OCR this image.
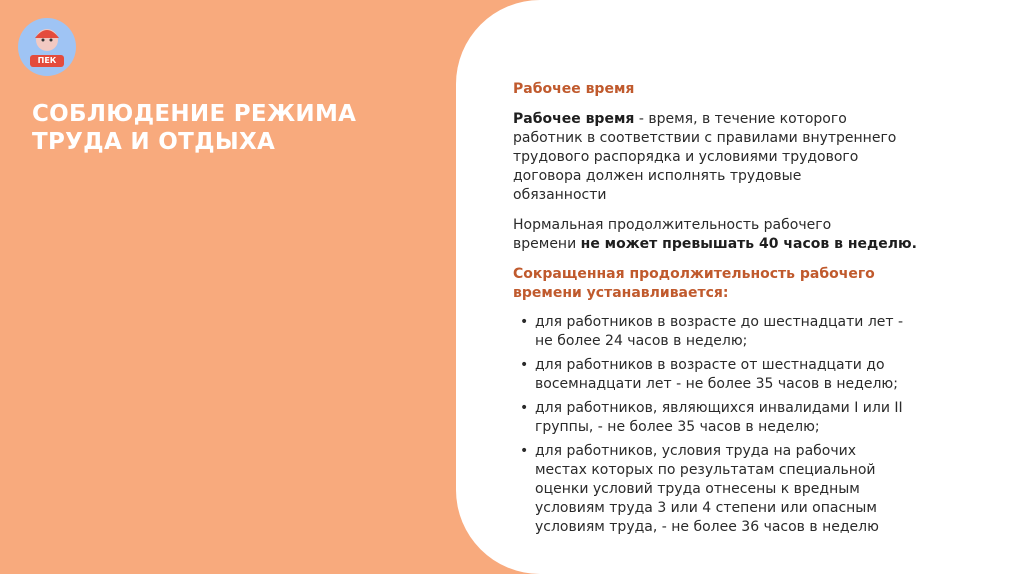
ПЕК
СОБЛЮДЕНИЕ РЕЖИМА
ТРУДА И ОТДЫХА
Рабочее время
Рабочее время - время, в течение которого
работник в соответствии с правилами внутреннего
трудового распорядка и условиями трудового
договора должен исполнять трудовые
обязанности
Нормальная продолжительность рабочего
времени не может превышать 40 часов в неделю.
Сокращенная продолжительность рабочего
времени устанавливается:
• для работников в возрасте до шестнадцати лет -
не более 24 часов в неделю;
• для работников в возрасте от шестнадцати до
восемнадцати лет - не более 35 часов в неделю;
• для работников, являющихся инвалидами I или II
группы, - не более 35 часов в неделю;
• для работников, условия труда на рабочих
местах которых по результатам специальной
оценки условий труда отнесены к вредным
условиям труда 3 или 4 степени или опасным
условиям труда, - не более 36 часов в неделю
